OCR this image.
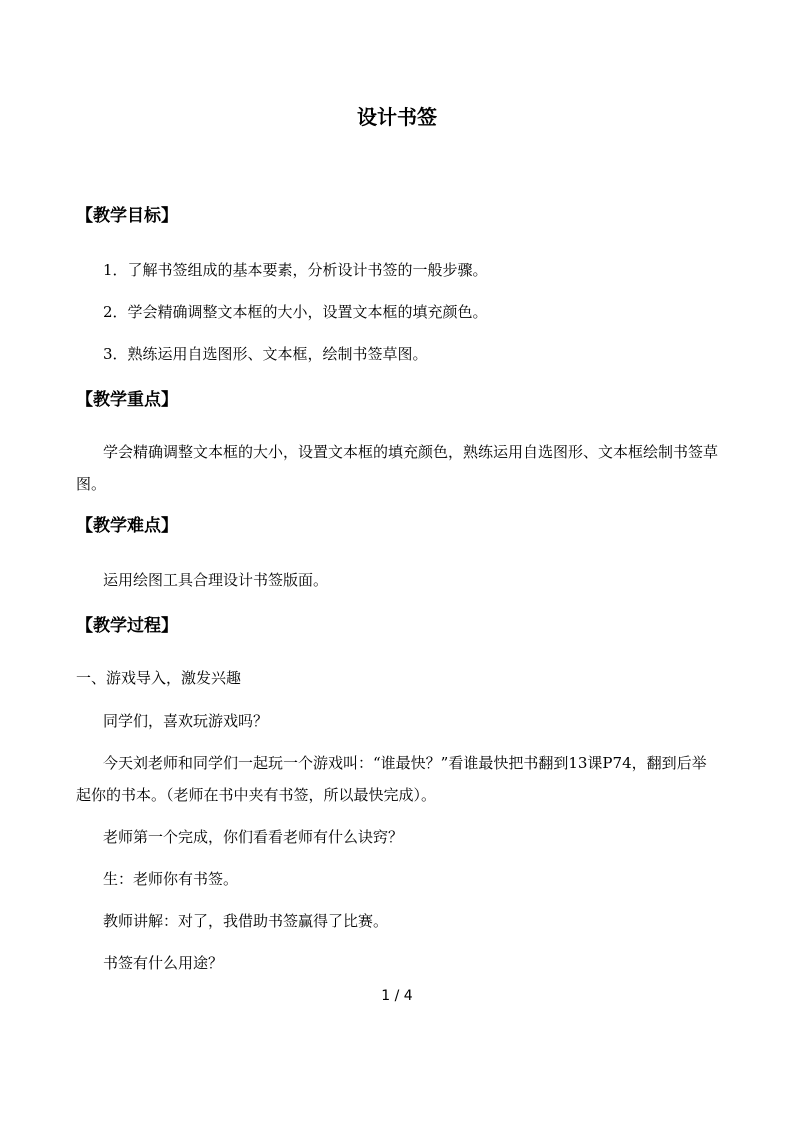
设计书签
【教学目标】
1．了解书签组成的基本要素，分析设计书签的一般步骤。
2．学会精确调整文本框的大小，设置文本框的填充颜色。
3．熟练运用自选图形、文本框，绘制书签草图。
【教学重点】
学会精确调整文本框的大小，设置文本框的填充颜色，熟练运用自选图形、文本框绘制书签草图。
【教学难点】
运用绘图工具合理设计书签版面。
【教学过程】
一、游戏导入，激发兴趣
同学们，喜欢玩游戏吗？
今天刘老师和同学们一起玩一个游戏叫：“谁最快？”看谁最快把书翻到13课P74，翻到后举起你的书本。（老师在书中夹有书签，所以最快完成）。
老师第一个完成，你们看看老师有什么诀窍？
生：老师你有书签。
教师讲解：对了，我借助书签赢得了比赛。
书签有什么用途？
1 / 4
